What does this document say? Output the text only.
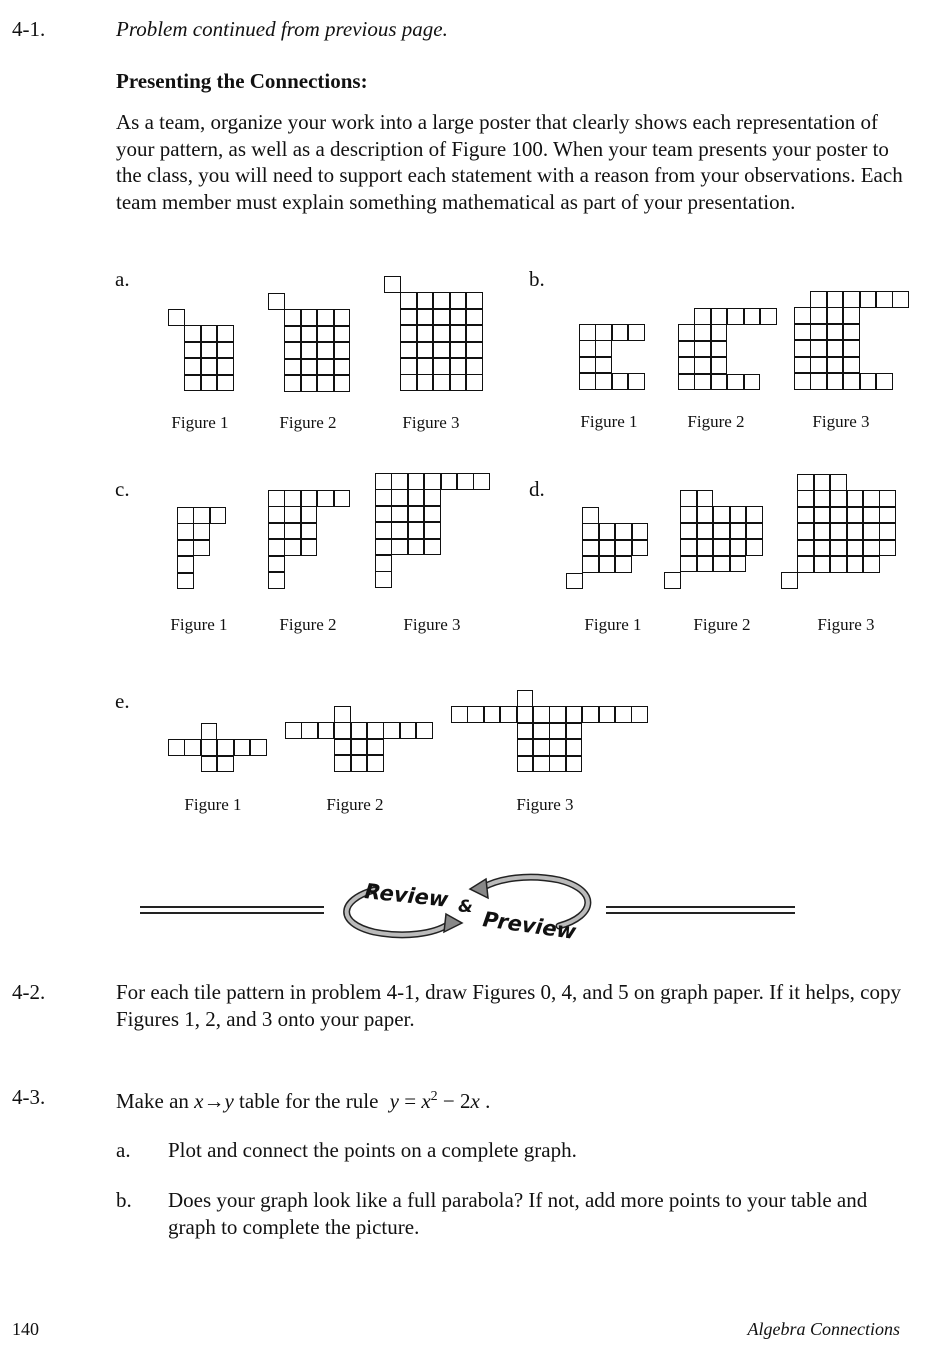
4-1.	Problem continued from previous page.
Presenting the Connections:
As a team, organize your work into a large poster that clearly shows each representation of your pattern, as well as a description of Figure 100. When your team presents your poster to the class, you will need to support each statement with a reason from your observations. Each team member must explain something mathematical as part of your presentation.
a.	b.
c.	d.
e.
Figure 1	Figure 2	Figure 3	Figure 1	Figure 2	Figure 3
Figure 1	Figure 2	Figure 3	Figure 1	Figure 2	Figure 3
Figure 1	Figure 2	Figure 3
Review &
Preview
4-2.	For each tile pattern in problem 4-1, draw Figures 0, 4, and 5 on graph paper. If it helps, copy Figures 1, 2, and 3 onto your paper.
4-3.	Make an x→y table for the rule $y = x^2 - 2x$ .
a. Plot and connect the points on a complete graph.
b. Does your graph look like a full parabola? If not, add more points to your table and graph to complete the picture.
140	Algebra Connections
